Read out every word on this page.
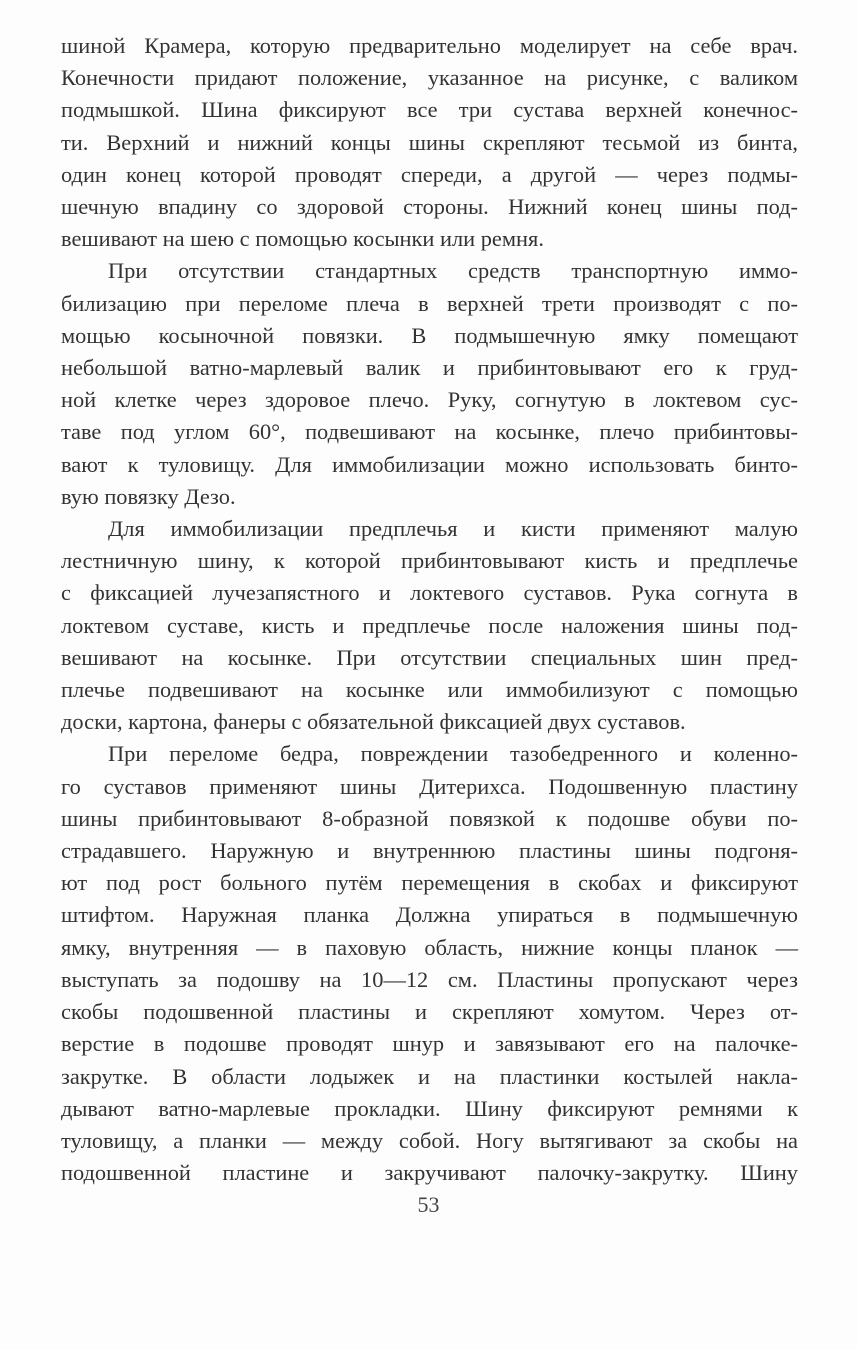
шиной Крамера, которую предварительно моделирует на себе врач.
Конечности придают положение, указанное на рисунке, с валиком
подмышкой. Шина фиксируют все три сустава верхней конечнос-
ти. Верхний и нижний концы шины скрепляют тесьмой из бинта,
один конец которой проводят спереди, а другой — через подмы-
шечную впадину со здоровой стороны. Нижний конец шины под-
вешивают на шею с помощью косынки или ремня.
При отсутствии стандартных средств транспортную иммо-
билизацию при переломе плеча в верхней трети производят с по-
мощью косыночной повязки. В подмышечную ямку помещают
небольшой ватно-марлевый валик и прибинтовывают его к груд-
ной клетке через здоровое плечо. Руку, согнутую в локтевом сус-
таве под углом 60°, подвешивают на косынке, плечо прибинтовы-
вают к туловищу. Для иммобилизации можно использовать бинто-
вую повязку Дезо.
Для иммобилизации предплечья и кисти применяют малую
лестничную шину, к которой прибинтовывают кисть и предплечье
с фиксацией лучезапястного и локтевого суставов. Рука согнута в
локтевом суставе, кисть и предплечье после наложения шины под-
вешивают на косынке. При отсутствии специальных шин пред-
плечье подвешивают на косынке или иммобилизуют с помощью
доски, картона, фанеры с обязательной фиксацией двух суставов.
При переломе бедра, повреждении тазобедренного и коленно-
го суставов применяют шины Дитерихса. Подошвенную пластину
шины прибинтовывают 8-образной повязкой к подошве обуви по-
страдавшего. Наружную и внутреннюю пластины шины подгоня-
ют под рост больного путём перемещения в скобах и фиксируют
штифтом. Наружная планка Должна упираться в подмышечную
ямку, внутренняя — в паховую область, нижние концы планок —
выступать за подошву на 10—12 см. Пластины пропускают через
скобы подошвенной пластины и скрепляют хомутом. Через от-
верстие в подошве проводят шнур и завязывают его на палочке-
закрутке. В области лодыжек и на пластинки костылей накла-
дывают ватно-марлевые прокладки. Шину фиксируют ремнями к
туловищу, а планки — между собой. Ногу вытягивают за скобы на
подошвенной пластине и закручивают палочку-закрутку. Шину
53
